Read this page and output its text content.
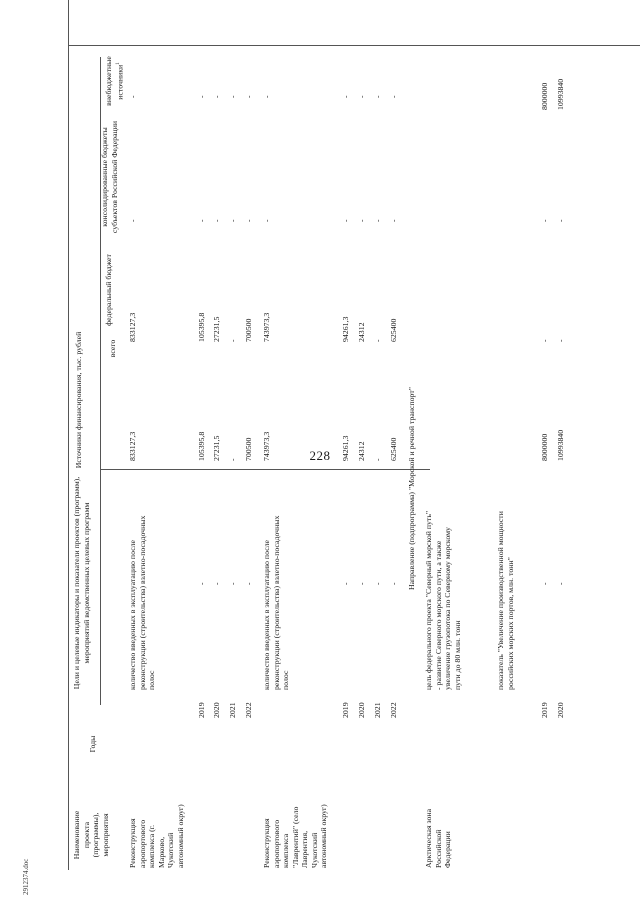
228
2912374.doc
Наименование проекта (программы), мероприятия
Годы
Цели и целевые индикаторы и показатели проектов (программ), мероприятий ведомственных целевых программ
Источники финансирования, тыс. рублей	всего
федеральный бюджет
консолидированные бюджеты субъектов Российской Федерации
внебюджетные источники$^1$
Реконструкция аэропортового комплекса (г. Марково, Чукотский автономный округ)
количество введенных в эксплуатацию после реконструкции (строительства) взлетно-посадочных полос
833127,3
833127,3
-
-
2019
-
105395,8
105395,8
-
-
2020
-
27231,5
27231,5
-
-
2021
-
-
-
-
-
2022
-
700500
700500
-
-
Реконструкция аэропортового комплекса "Лаврентий" (село Лаврентия, Чукотский автономный округ)
количество введенных в эксплуатацию после реконструкции (строительства) взлетно-посадочных полос
743973,3
743973,3
-
-
2019
-
94261,3
94261,3
-
-
2020
-
24312
24312
-
-
2021
-
-
-
-
-
2022
-
625400
625400
-
-
Направление (подпрограмма) "Морской и речной транспорт"
Арктическая зона Российской Федерации
цель федерального проекта "Северный морской путь" - развитие Северного морского пути, а также увеличение грузопотока по Северному морскому пути до 80 млн. тонн	показатель "Увеличение производственной мощности российских морских портов, млн. тонн"
2019
-
8000000
-
-
8000000
2020
-
10993840
-
-
10993840
